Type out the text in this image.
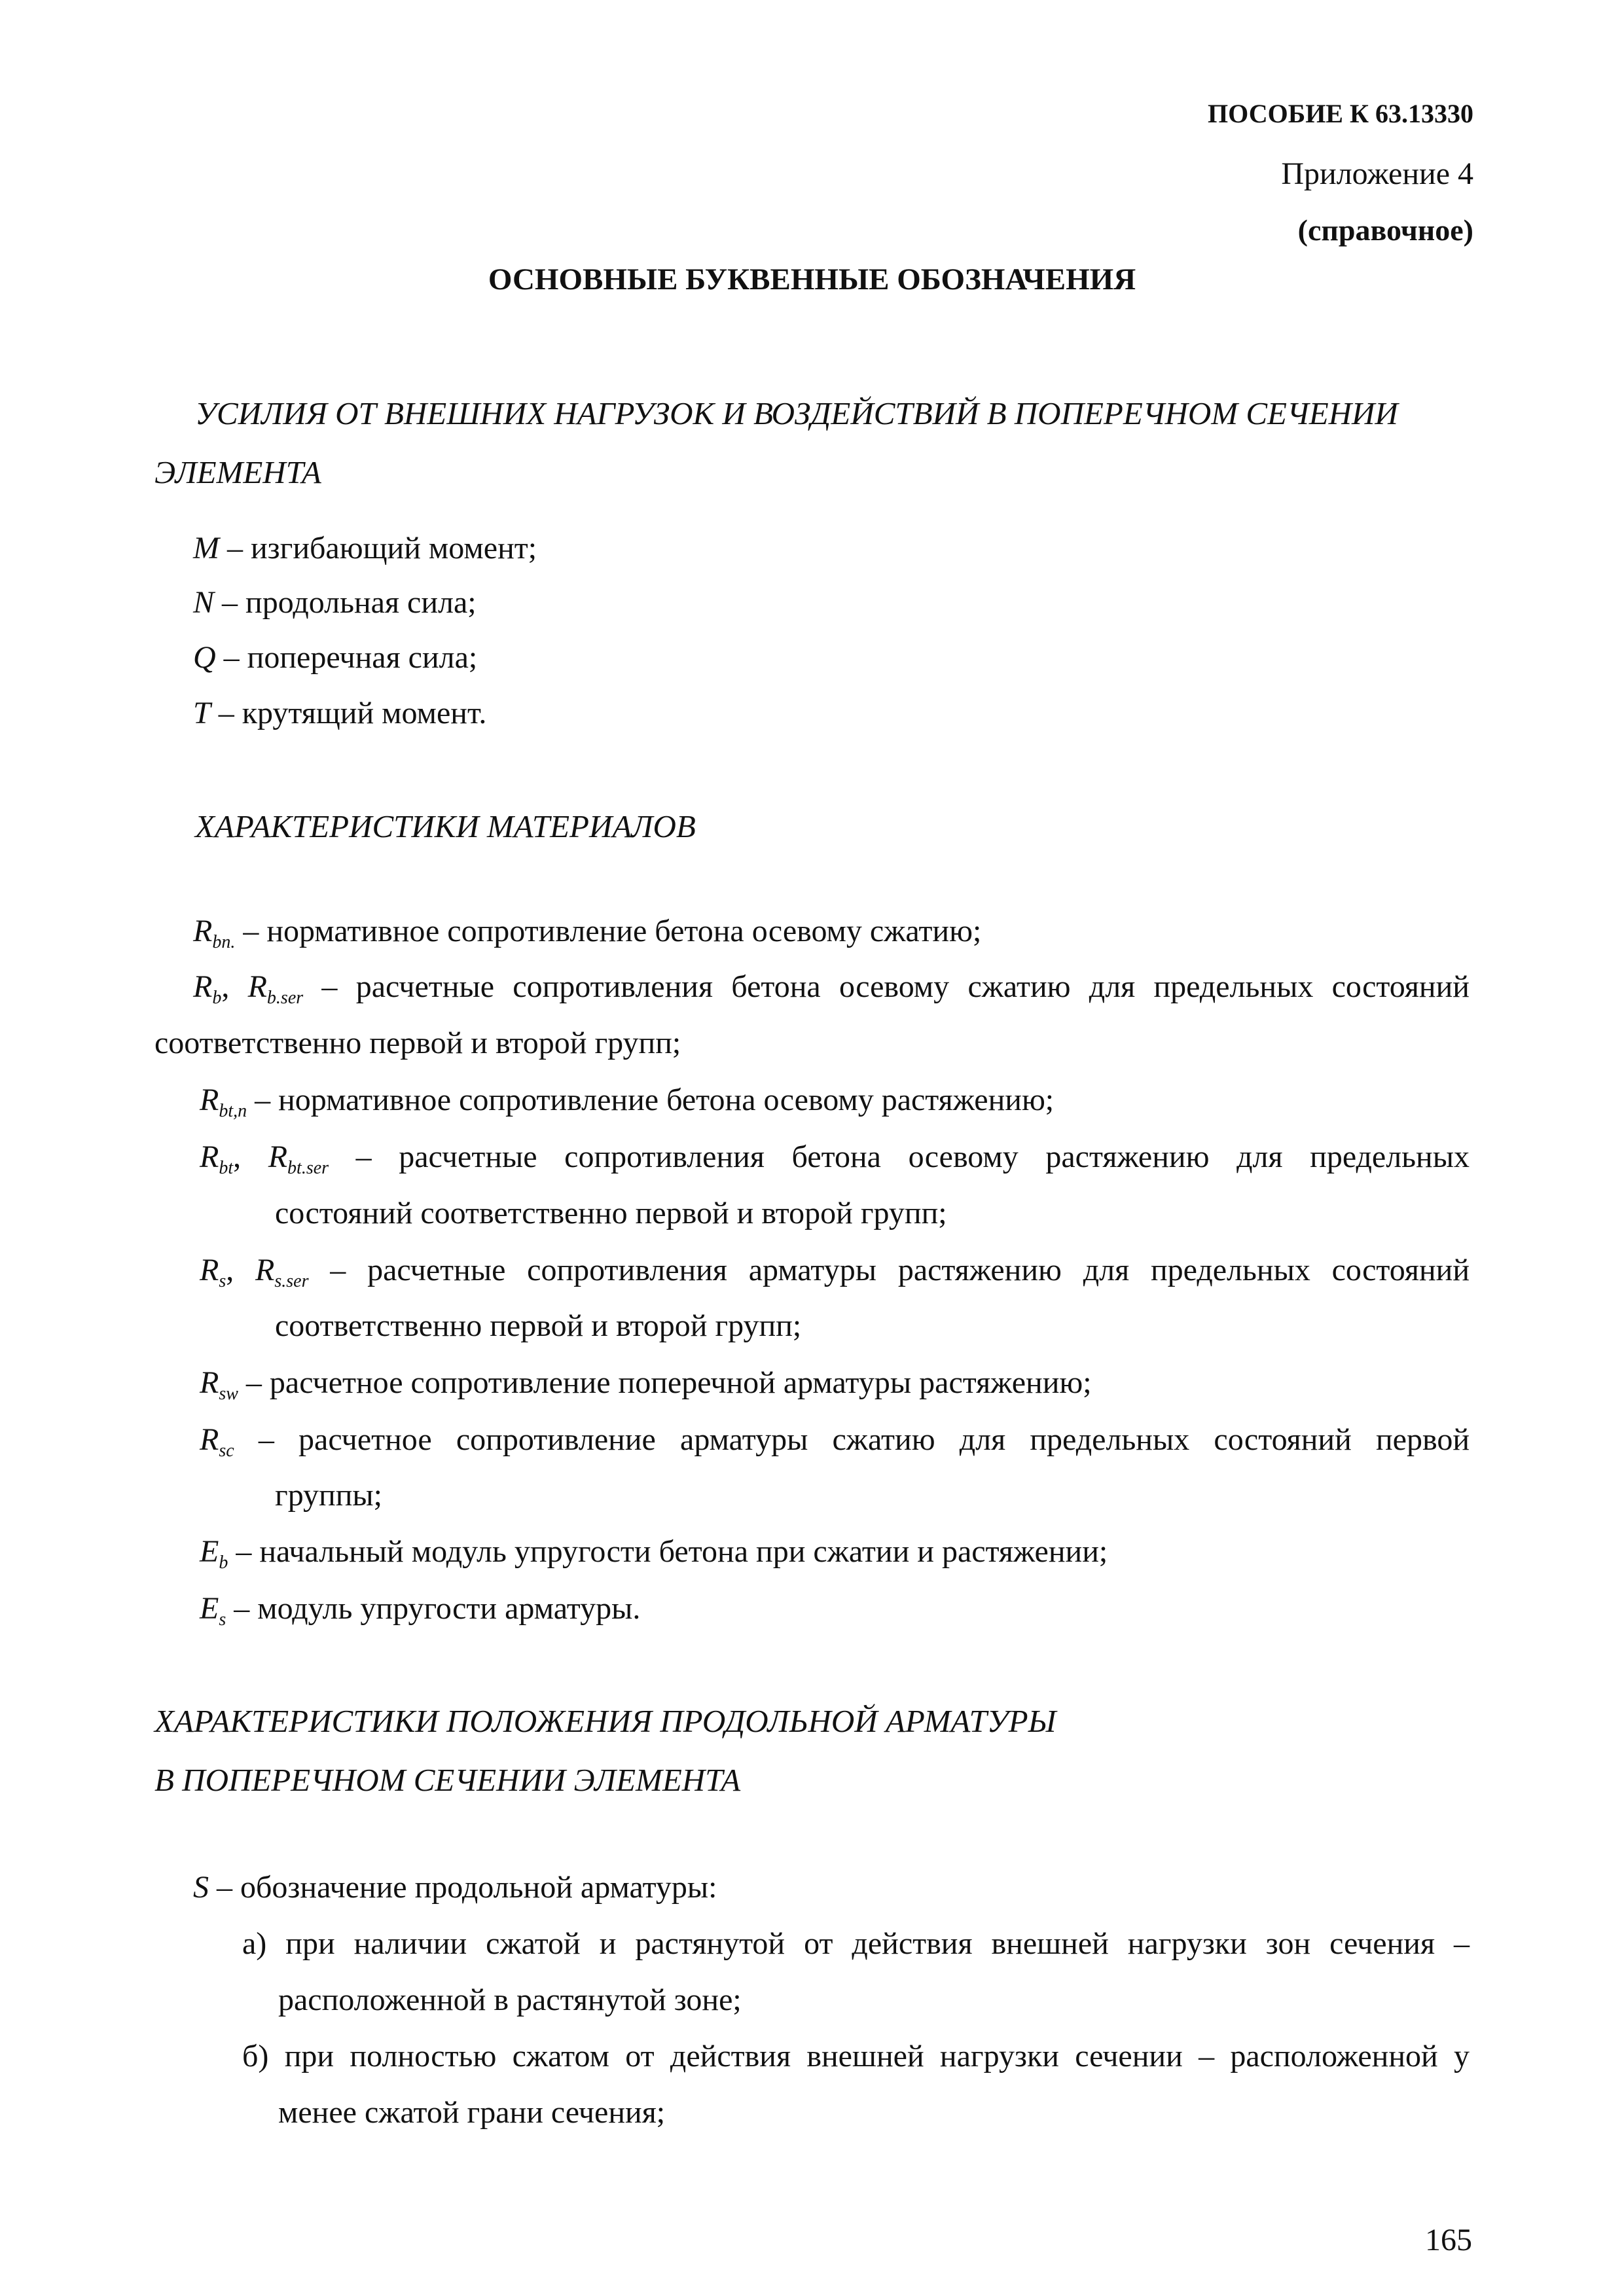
ПОСОБИЕ К 63.13330
Приложение 4
(справочное)
ОСНОВНЫЕ БУКВЕННЫЕ ОБОЗНАЧЕНИЯ
УСИЛИЯ ОТ ВНЕШНИХ НАГРУЗОК И ВОЗДЕЙСТВИЙ В ПОПЕРЕЧНОМ СЕЧЕНИИ
ЭЛЕМЕНТА
M – изгибающий момент;
N – продольная сила;
Q – поперечная сила;
T – крутящий момент.
ХАРАКТЕРИСТИКИ МАТЕРИАЛОВ
$R_{bn.}$ – нормативное сопротивление бетона осевому сжатию;
$R_b$, $R_{b.ser}$ – расчетные сопротивления бетона осевому сжатию для предельных состояний
соответственно первой и второй групп;
$R_{bt,n}$ – нормативное сопротивление бетона осевому растяжению;
$R_{bt}$, $R_{bt.ser}$ – расчетные сопротивления бетона осевому растяжению для предельных
состояний соответственно первой и второй групп;
$R_s$, $R_{s.ser}$ – расчетные сопротивления арматуры растяжению для предельных состояний
соответственно первой и второй групп;
$R_{sw}$ – расчетное сопротивление поперечной арматуры растяжению;
$R_{sc}$ – расчетное сопротивление арматуры сжатию для предельных состояний первой
группы;
$E_b$ – начальный модуль упругости бетона при сжатии и растяжении;
$E_s$ – модуль упругости арматуры.
ХАРАКТЕРИСТИКИ ПОЛОЖЕНИЯ ПРОДОЛЬНОЙ АРМАТУРЫ
В ПОПЕРЕЧНОМ СЕЧЕНИИ ЭЛЕМЕНТА
S – обозначение продольной арматуры:
а) при наличии сжатой и растянутой от действия внешней нагрузки зон сечения –
расположенной в растянутой зоне;
б) при полностью сжатом от действия внешней нагрузки сечении – расположенной у
менее сжатой грани сечения;
165
